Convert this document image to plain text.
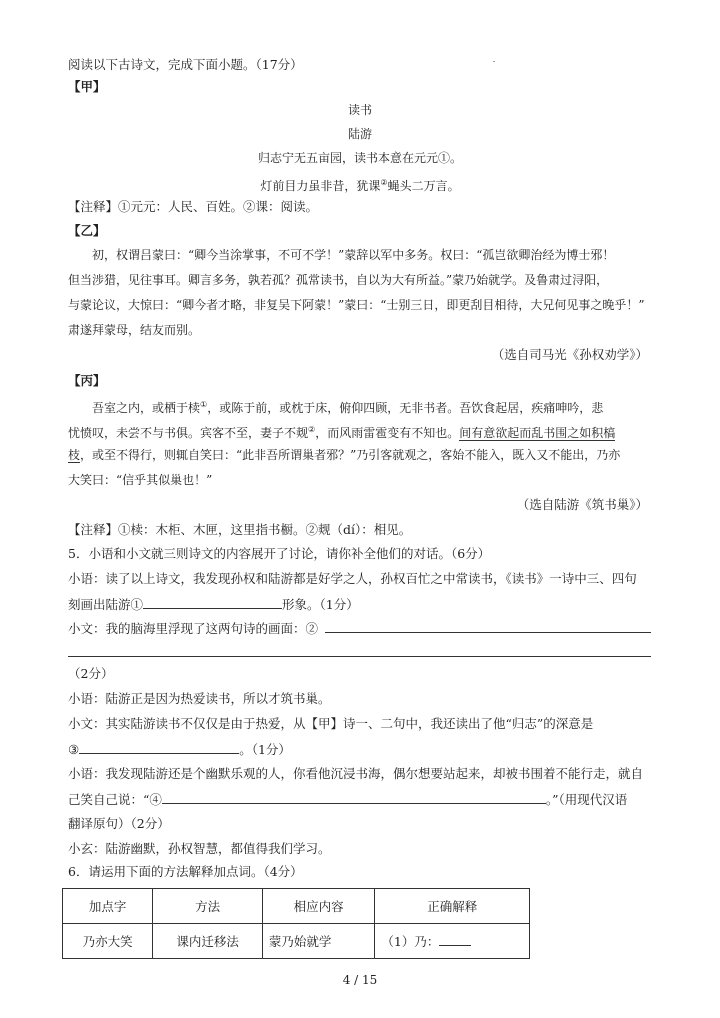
阅读以下古诗文，完成下面小题。（17分）
【甲】
读书
陆游
归志宁无五亩园，读书本意在元元①。
灯前目力虽非昔，犹课②蝇头二万言。
【注释】①元元：人民、百姓。②课：阅读。
【乙】
初，权谓吕蒙曰：“卿今当涂掌事，不可不学！”蒙辞以军中多务。权曰：“孤岂欲卿治经为博士邪！
但当涉猎，见往事耳。卿言多务，孰若孤？孤常读书，自以为大有所益。”蒙乃始就学。及鲁肃过浔阳，
与蒙论议，大惊曰：“卿今者才略，非复吴下阿蒙！”蒙曰：“士别三日，即更刮目相待，大兄何见事之晚乎！”
肃遂拜蒙母，结友而别。
（选自司马光《孙权劝学》）
【丙】
吾室之内，或栖于椟①，或陈于前，或枕于床，俯仰四顾，无非书者。吾饮食起居，疾痛呻吟，悲
忧愤叹，未尝不与书俱。宾客不至，妻子不觌②，而风雨雷雹变有不知也。间有意欲起而乱书围之如积槁
枝，或至不得行，则辄自笑曰：“此非吾所谓巢者邪？”乃引客就观之，客始不能入，既入又不能出，乃亦
大笑曰：“信乎其似巢也！”
（选自陆游《筑书巢》）
【注释】①椟：木柜、木匣，这里指书橱。②觌（dí）：相见。
5．小语和小文就三则诗文的内容展开了讨论，请你补全他们的对话。（6分）
小语：读了以上诗文，我发现孙权和陆游都是好学之人，孙权百忙之中常读书，《读书》一诗中三、四句
刻画出陆游①	形象。（1分）
小文：我的脑海里浮现了这两句诗的画面：②
（2分）
小语：陆游正是因为热爱读书，所以才筑书巢。
小文：其实陆游读书不仅仅是由于热爱，从【甲】诗一、二句中，我还读出了他“归志”的深意是
③	。（1分）
小语：我发现陆游还是个幽默乐观的人，你看他沉浸书海，偶尔想要站起来，却被书围着不能行走，就自
己笑自己说：“④	。”（用现代汉语
翻译原句）（2分）
小玄：陆游幽默，孙权智慧，都值得我们学习。
6．请运用下面的方法解释加点词。（4分）
加点字	方法	相应内容	正确解释
乃亦大笑	课内迁移法	蒙乃始就学	（1）乃：
4 / 15
